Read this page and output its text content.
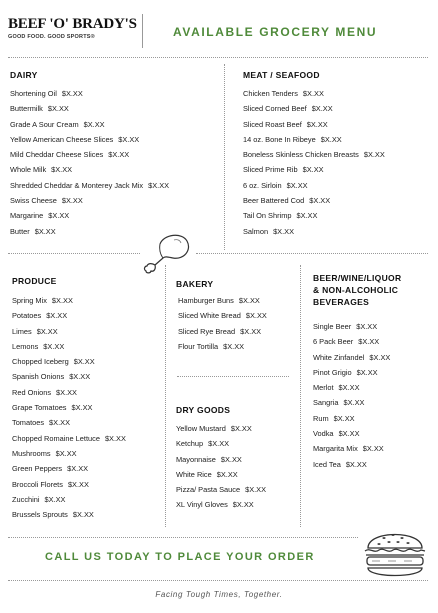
BEEF 'O' BRADY'S
GOOD FOOD. GOOD SPORTS®	AVAILABLE GROCERY MENU
DAIRY
Shortening Oil $X.XX
Buttermilk $X.XX
Grade A Sour Cream $X.XX
Yellow American Cheese Slices $X.XX
Mild Cheddar Cheese Slices $X.XX
Whole Milk $X.XX
Shredded Cheddar & Monterey Jack Mix $X.XX
Swiss Cheese $X.XX
Margarine $X.XX
Butter $X.XX
MEAT / SEAFOOD
Chicken Tenders $X.XX
Sliced Corned Beef $X.XX
Sliced Roast Beef $X.XX
14 oz. Bone In Ribeye $X.XX
Boneless Skinless Chicken Breasts $X.XX
Sliced Prime Rib $X.XX
6 oz. Sirloin $X.XX
Beer Battered Cod $X.XX
Tail On Shrimp $X.XX
Salmon $X.XX
PRODUCE
Spring Mix $X.XX
Potatoes $X.XX
Limes $X.XX
Lemons $X.XX
Chopped Iceberg $X.XX
Spanish Onions $X.XX
Red Onions $X.XX
Grape Tomatoes $X.XX
Tomatoes $X.XX
Chopped Romaine Lettuce $X.XX
Mushrooms $X.XX
Green Peppers $X.XX
Broccoli Florets $X.XX
Zucchini $X.XX
Brussels Sprouts $X.XX
BAKERY
Hamburger Buns $X.XX
Sliced White Bread $X.XX
Sliced Rye Bread $X.XX
Flour Tortilla $X.XX
DRY GOODS
Yellow Mustard $X.XX
Ketchup $X.XX
Mayonnaise $X.XX
White Rice $X.XX
Pizza/ Pasta Sauce $X.XX
XL Vinyl Gloves $X.XX
BEER/WINE/LIQUOR
& NON-ALCOHOLIC
BEVERAGES
Single Beer $X.XX
6 Pack Beer $X.XX
White Zinfandel $X.XX
Pinot Grigio $X.XX
Merlot $X.XX
Sangria $X.XX
Rum $X.XX
Vodka $X.XX
Margarita Mix $X.XX
Iced Tea $X.XX
CALL US TODAY TO PLACE YOUR ORDER
Facing Tough Times, Together.
